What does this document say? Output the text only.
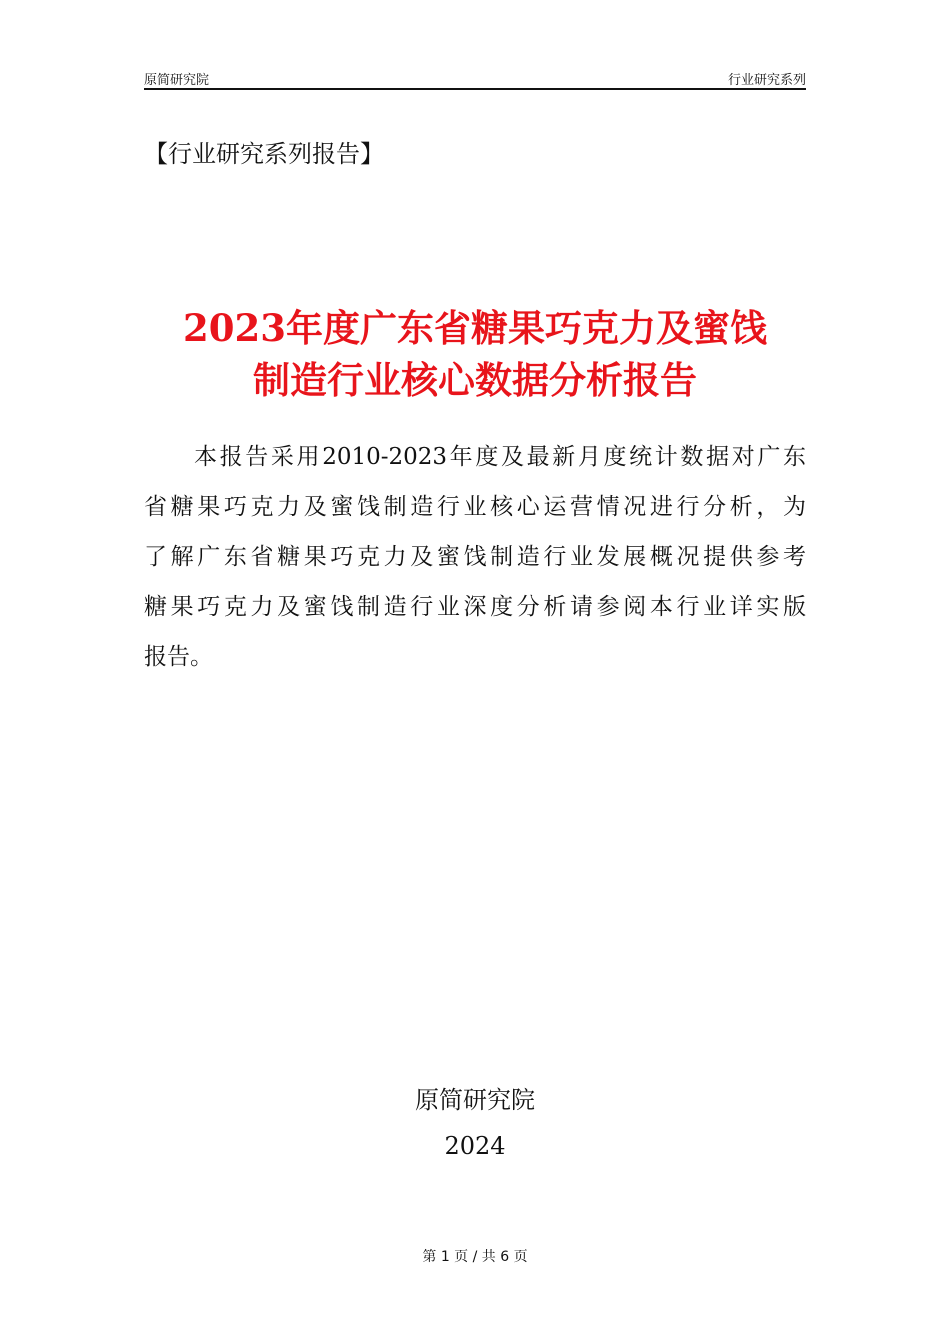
原简研究院	行业研究系列
【行业研究系列报告】
2023年度广东省糖果巧克力及蜜饯
制造行业核心数据分析报告
本报告采用2010-2023年度及最新月度统计数据对广东
省糖果巧克力及蜜饯制造行业核心运营情况进行分析，为
了解广东省糖果巧克力及蜜饯制造行业发展概况提供参考
糖果巧克力及蜜饯制造行业深度分析请参阅本行业详实版
报告。
原简研究院
2024
第 1 页 / 共 6 页
